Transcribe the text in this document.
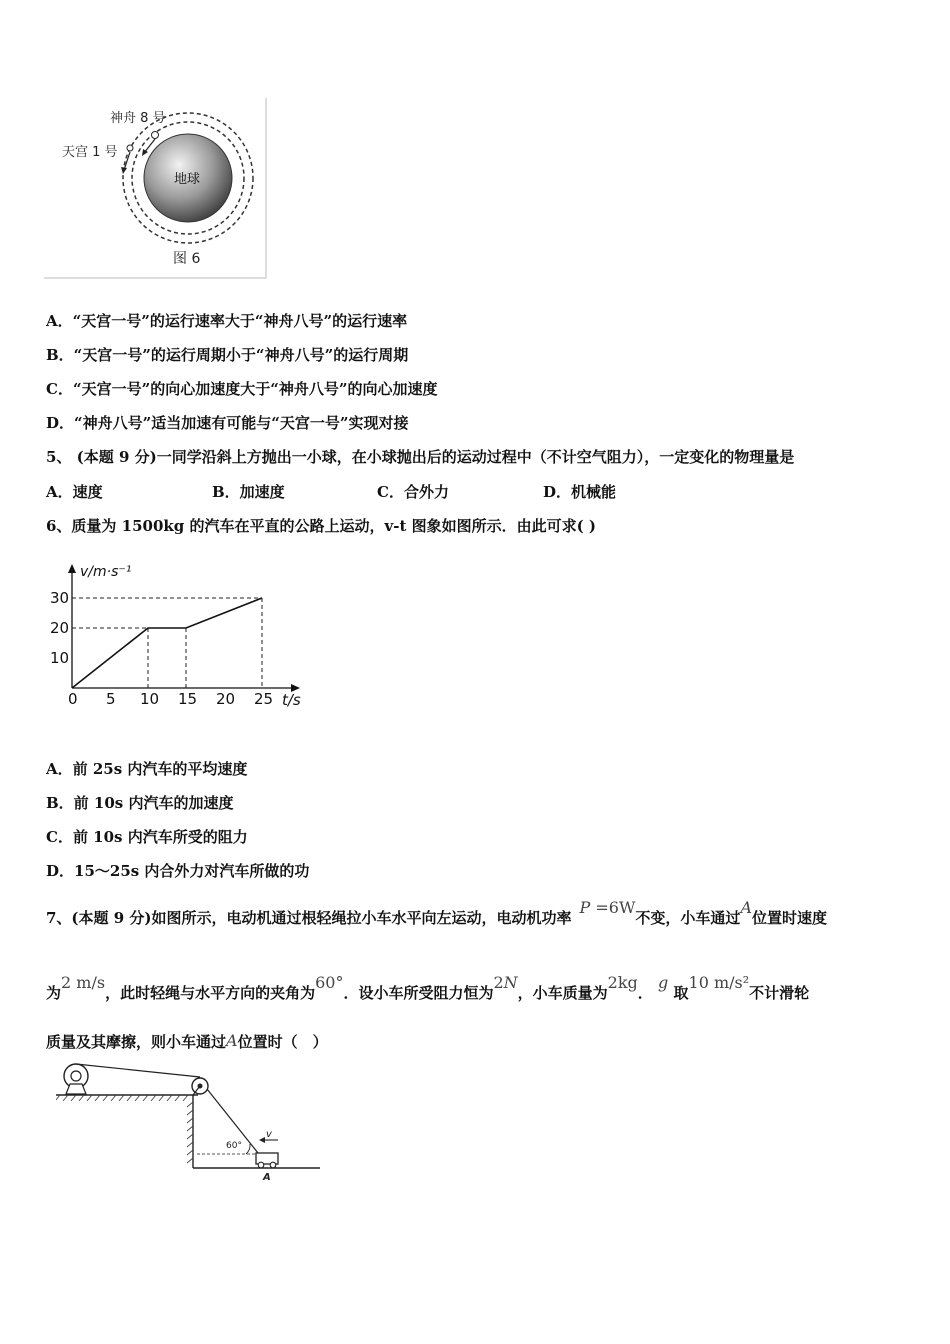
神舟 8 号
天宫 1 号
地球
图 6
A．“天宫一号”的运行速率大于“神舟八号”的运行速率
B．“天宫一号”的运行周期小于“神舟八号”的运行周期
C．“天宫一号”的向心加速度大于“神舟八号”的向心加速度
D．“神舟八号”适当加速有可能与“天宫一号”实现对接
5、 (本题 9 分)一同学沿斜上方抛出一小球，在小球抛出后的运动过程中（不计空气阻力），一定变化的物理量是
A．速度	B．加速度	C．合外力	D．机械能
6、质量为 1500kg 的汽车在平直的公路上运动，v-t 图象如图所示．由此可求( )
v/m·s⁻¹
t/s
0 5 10 15 20 25
10
20
30
A．前 25s 内汽车的平均速度
B．前 10s 内汽车的加速度
C．前 10s 内汽车所受的阻力
D．15～25s 内合外力对汽车所做的功
7、(本题 9 分)如图所示，电动机通过根轻绳拉小车水平向左运动，电动机功率P =6W不变，小车通过A位置时速度
为2 m/s，此时轻绳与水平方向的夹角为60°．设小车所受阻力恒为2N，小车质量为2kg． g 取10 m/s²不计滑轮
质量及其摩擦，则小车通过A位置时（　）
60°
v
A
